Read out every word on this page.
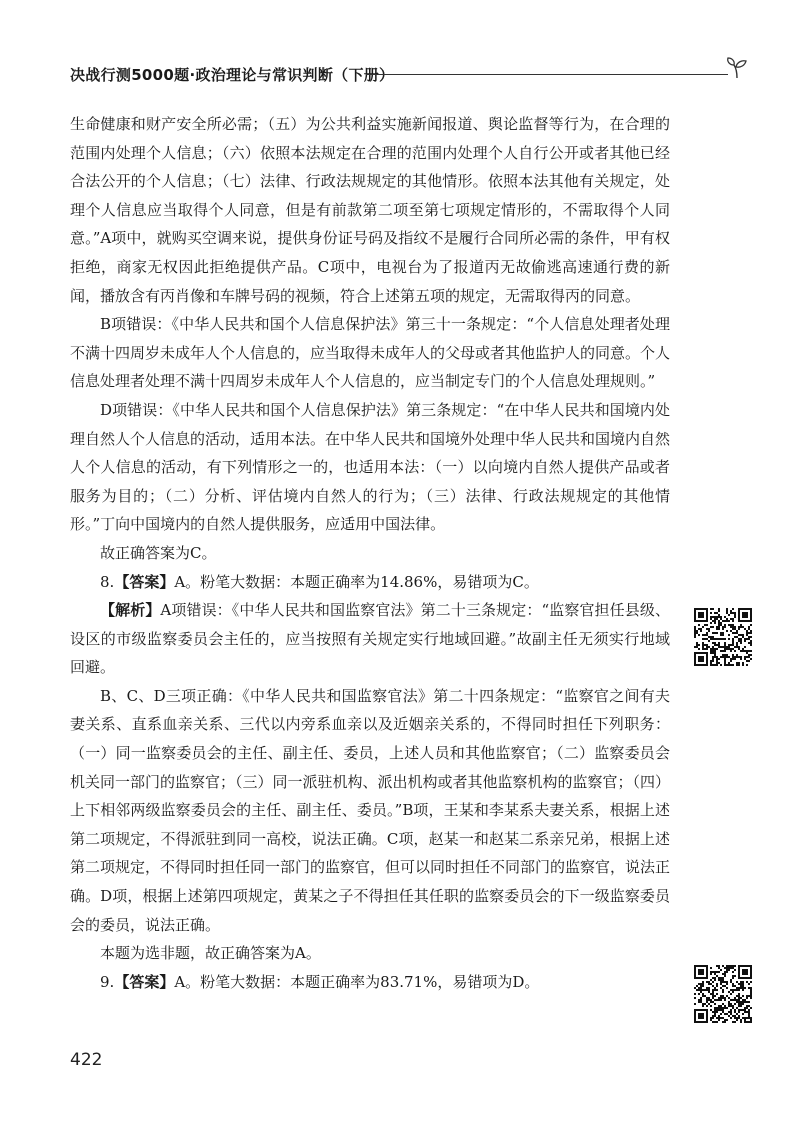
决战行测5000题·政治理论与常识判断（下册）

生命健康和财产安全所必需；（五）为公共利益实施新闻报道、舆论监督等行为，在合理的范围内处理个人信息；（六）依照本法规定在合理的范围内处理个人自行公开或者其他已经合法公开的个人信息；（七）法律、行政法规规定的其他情形。依照本法其他有关规定，处理个人信息应当取得个人同意，但是有前款第二项至第七项规定情形的，不需取得个人同意。”A项中，就购买空调来说，提供身份证号码及指纹不是履行合同所必需的条件，甲有权拒绝，商家无权因此拒绝提供产品。C项中，电视台为了报道丙无故偷逃高速通行费的新闻，播放含有丙肖像和车牌号码的视频，符合上述第五项的规定，无需取得丙的同意。

B项错误：《中华人民共和国个人信息保护法》第三十一条规定：“个人信息处理者处理不满十四周岁未成年人个人信息的，应当取得未成年人的父母或者其他监护人的同意。个人信息处理者处理不满十四周岁未成年人个人信息的，应当制定专门的个人信息处理规则。”

D项错误：《中华人民共和国个人信息保护法》第三条规定：“在中华人民共和国境内处理自然人个人信息的活动，适用本法。在中华人民共和国境外处理中华人民共和国境内自然人个人信息的活动，有下列情形之一的，也适用本法：（一）以向境内自然人提供产品或者服务为目的；（二）分析、评估境内自然人的行为；（三）法律、行政法规规定的其他情形。”丁向中国境内的自然人提供服务，应适用中国法律。

故正确答案为C。

8.【答案】A。粉笔大数据：本题正确率为14.86%，易错项为C。

【解析】A项错误：《中华人民共和国监察官法》第二十三条规定：“监察官担任县级、设区的市级监察委员会主任的，应当按照有关规定实行地域回避。”故副主任无须实行地域回避。

B、C、D三项正确：《中华人民共和国监察官法》第二十四条规定：“监察官之间有夫妻关系、直系血亲关系、三代以内旁系血亲以及近姻亲关系的，不得同时担任下列职务：（一）同一监察委员会的主任、副主任、委员，上述人员和其他监察官；（二）监察委员会机关同一部门的监察官；（三）同一派驻机构、派出机构或者其他监察机构的监察官；（四）上下相邻两级监察委员会的主任、副主任、委员。”B项，王某和李某系夫妻关系，根据上述第二项规定，不得派驻到同一高校，说法正确。C项，赵某一和赵某二系亲兄弟，根据上述第二项规定，不得同时担任同一部门的监察官，但可以同时担任不同部门的监察官，说法正确。D项，根据上述第四项规定，黄某之子不得担任其任职的监察委员会的下一级监察委员会的委员，说法正确。

本题为选非题，故正确答案为A。

9.【答案】A。粉笔大数据：本题正确率为83.71%，易错项为D。

422
